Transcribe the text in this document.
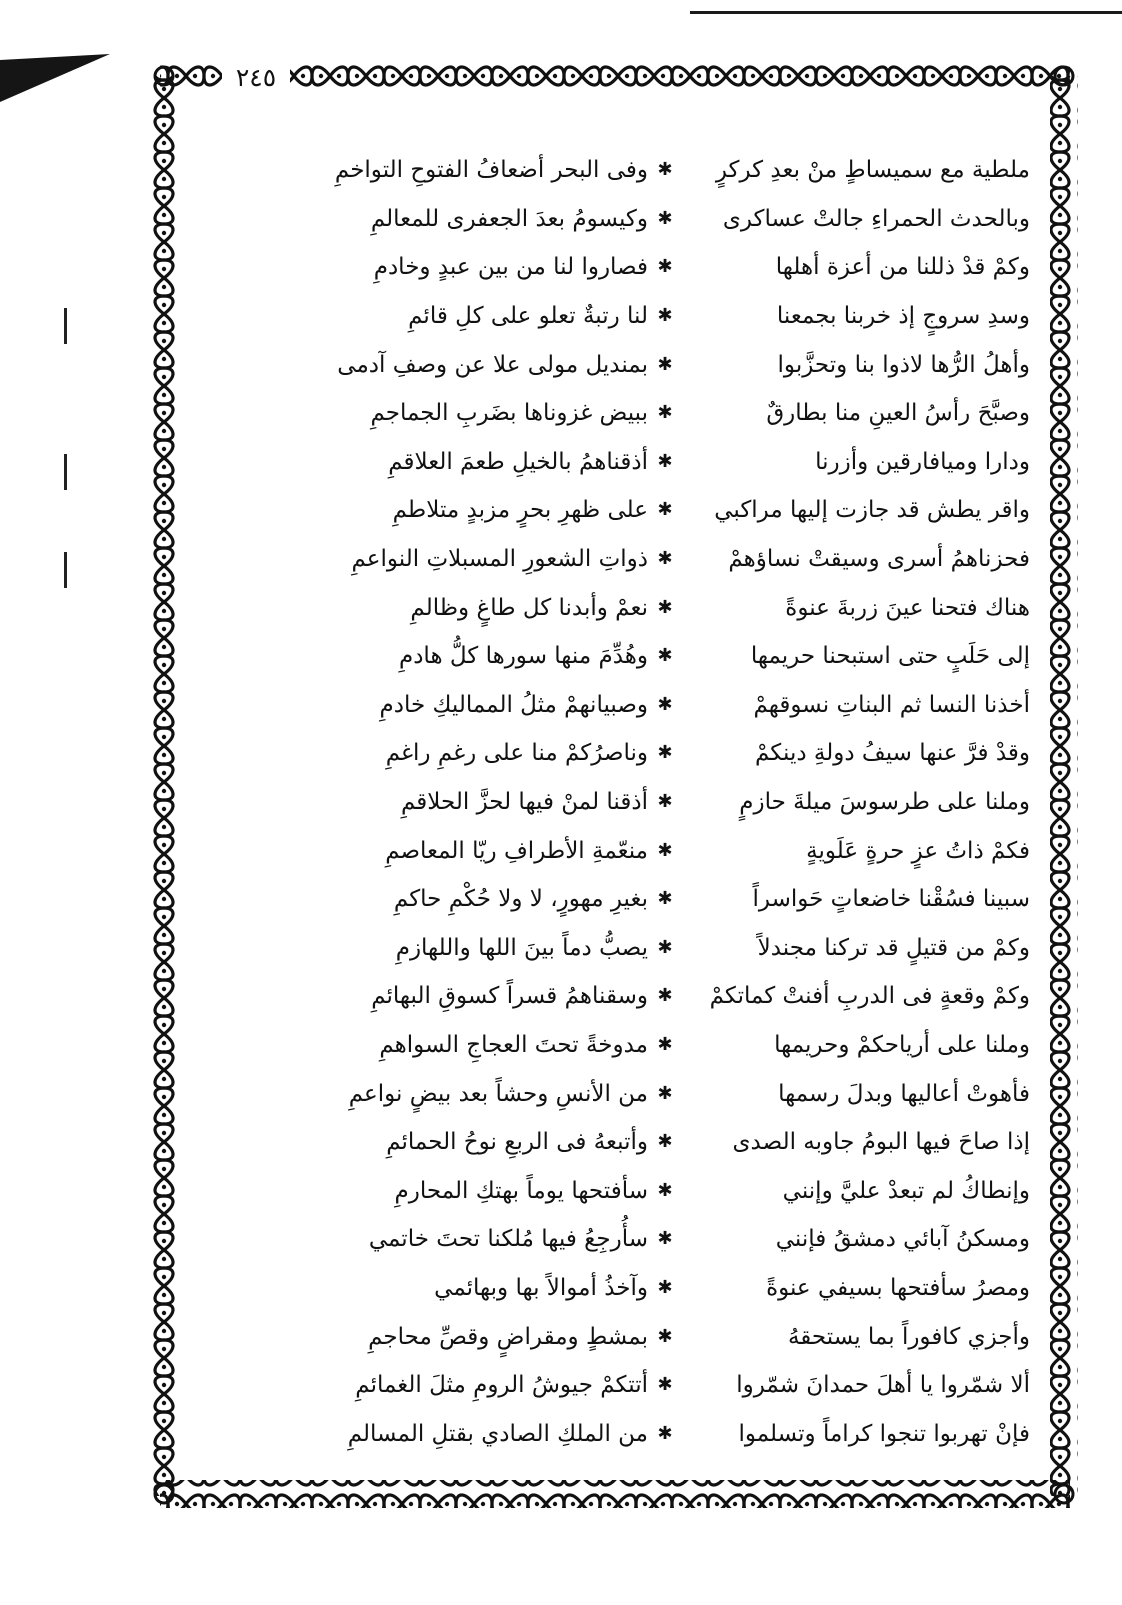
٢٤٥
ملطية مع سميساطٍ منْ بعدِ كركرٍ
✱
وفى البحر أضعافُ الفتوحِ التواخمِ
وبالحدث الحمراءِ جالتْ عساكرى
✱
وكيسومُ بعدَ الجعفرى للمعالمِ
وكمْ قدْ ذللنا من أعزة أهلها
✱
فصاروا لنا من بين عبدٍ وخادمِ
وسدِ سروجٍ إذ خربنا بجمعنا
✱
لنا رتبةٌ تعلو على كلِ قائمِ
وأهلُ الرُّها لاذوا بنا وتحزَّبوا
✱
بمنديل مولى علا عن وصفِ آدمى
وصبَّحَ رأسُ العينِ منا بطارقٌ
✱
ببيض غزوناها بضَربِ الجماجمِ
ودارا وميافارقين وأزرنا
✱
أذقناهمُ بالخيلِ طعمَ العلاقمِ
واقر يطش قد جازت إليها مراكبي
✱
على ظهرِ بحرٍ مزبدٍ متلاطمِ
فحزناهمُ أسرى وسيقتْ نساؤهمْ
✱
ذواتِ الشعورِ المسبلاتِ النواعمِ
هناك فتحنا عينَ زربةَ عنوةً
✱
نعمْ وأبدنا كل طاغٍ وظالمِ
إلى حَلَبٍ حتى استبحنا حريمها
✱
وهُدِّمَ منها سورها كلُّ هادمِ
أخذنا النسا ثم البناتِ نسوقهمْ
✱
وصبيانهمْ مثلُ المماليكِ خادمِ
وقدْ فرَّ عنها سيفُ دولةِ دينكمْ
✱
وناصرُكمْ منا على رغمِ راغمِ
وملنا على طرسوسَ ميلةَ حازمٍ
✱
أذقنا لمنْ فيها لحزَّ الحلاقمِ
فكمْ ذاتُ عزٍ حرةٍ عَلَويةٍ
✱
منعّمةِ الأطرافِ ريّا المعاصمِ
سبينا فسُقْنا خاضعاتٍ حَواسراً
✱
بغيرِ مهورٍ، لا ولا حُكْمِ حاكمِ
وكمْ من قتيلٍ قد تركنا مجندلاً
✱
يصبُّ دماً بينَ اللها واللهازمِ
وكمْ وقعةٍ فى الدربِ أفنتْ كماتكمْ
✱
وسقناهمُ قسراً كسوقِ البهائمِ
وملنا على أرياحكمْ وحريمها
✱
مدوخةً تحتَ العجاجِ السواهمِ
فأهوتْ أعاليها وبدلَ رسمها
✱
من الأنسِ وحشاً بعد بيضٍ نواعمِ
إذا صاحَ فيها البومُ جاوبه الصدى
✱
وأتبعهُ فى الربعِ نوحُ الحمائمِ
وإنطاكُ لم تبعدْ عليَّ وإنني
✱
سأفتحها يوماً بهتكِ المحارمِ
ومسكنُ آبائي دمشقُ فإنني
✱
سأُرجِعُ فيها مُلكنا تحتَ خاتمي
ومصرُ سأفتحها بسيفي عنوةً
✱
وآخذُ أموالاً بها وبهائمي
وأجزي كافوراً بما يستحقهُ
✱
بمشطٍ ومقراضٍ وقصِّ محاجمِ
ألا شمّروا يا أهلَ حمدانَ شمّروا
✱
أتتكمْ جيوشُ الرومِ مثلَ الغمائمِ
فإنْ تهربوا تنجوا كراماً وتسلموا
✱
من الملكِ الصادي بقتلِ المسالمِ
